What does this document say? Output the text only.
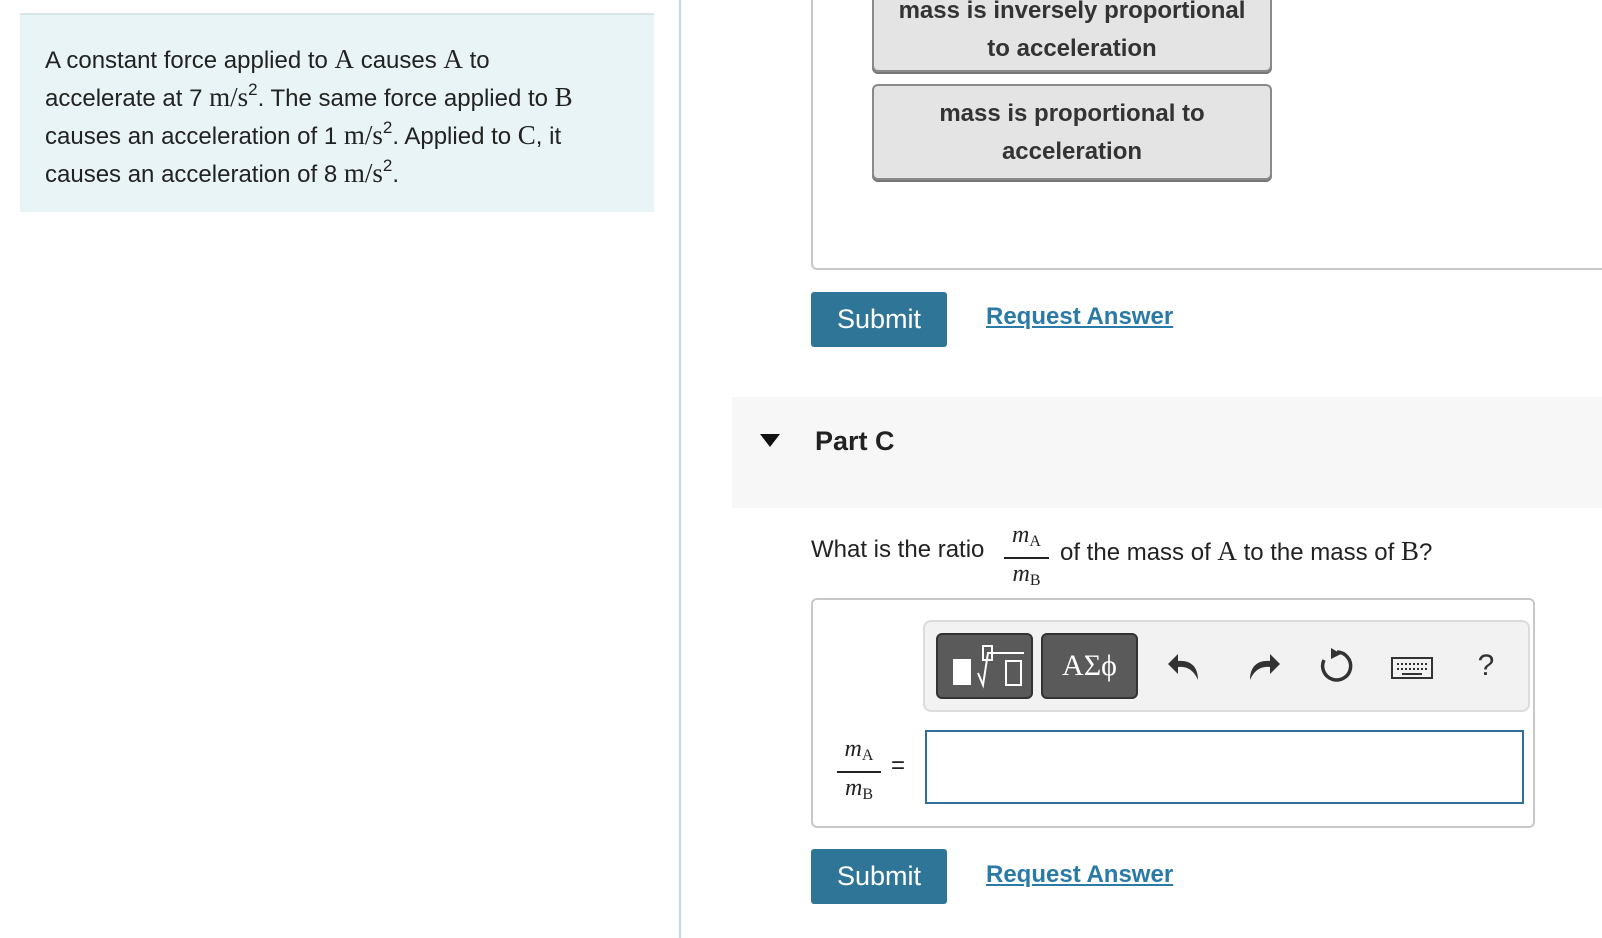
A constant force applied to A causes A to
accelerate at 7 $m/s^2$. The same force applied to B
causes an acceleration of 1 $m/s^2$. Applied to C, it
causes an acceleration of 8 $m/s^2$.
mass is inversely proportional
to acceleration
mass is proportional to
acceleration
Submit	Request Answer
Part C
What is the ratio
$m_A$
$m_B$
of the mass of A to the mass of B?
ΑΣϕ	?
$m_A$
$m_B$
=
Submit	Request Answer
